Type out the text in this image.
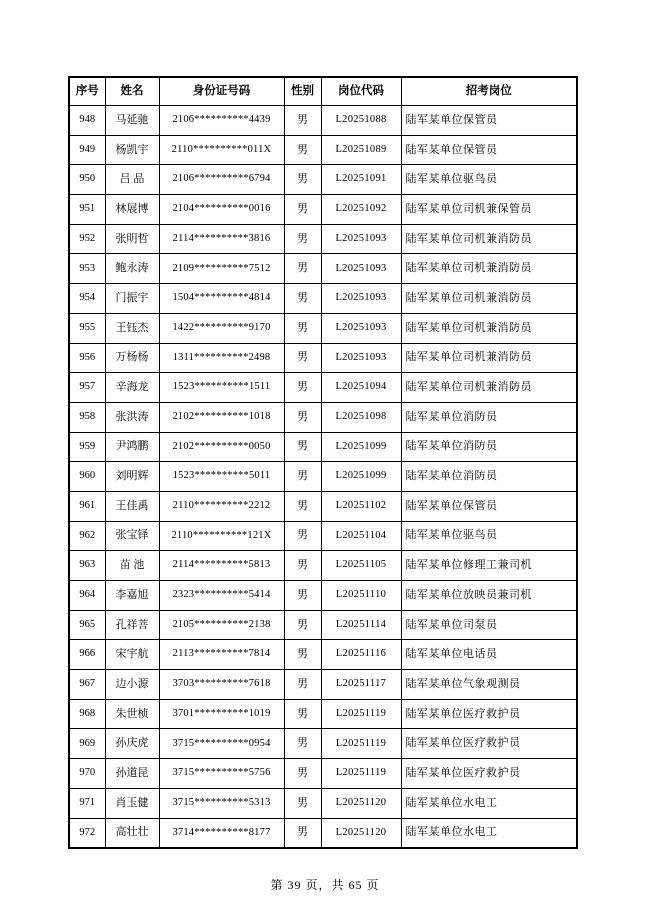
序号	姓名	身份证号码	性别	岗位代码	招考岗位
948	马延驰	2106**********4439	男	L20251088	陆军某单位保管员
949	杨凯宇	2110**********011X	男	L20251089	陆军某单位保管员
950	吕 品	2106**********6794	男	L20251091	陆军某单位驱鸟员
951	林展博	2104**********0016	男	L20251092	陆军某单位司机兼保管员
952	张明哲	2114**********3816	男	L20251093	陆军某单位司机兼消防员
953	鲍永涛	2109**********7512	男	L20251093	陆军某单位司机兼消防员
954	门振宇	1504**********4814	男	L20251093	陆军某单位司机兼消防员
955	王钰杰	1422**********9170	男	L20251093	陆军某单位司机兼消防员
956	万杨杨	1311**********2498	男	L20251093	陆军某单位司机兼消防员
957	辛海龙	1523**********1511	男	L20251094	陆军某单位司机兼消防员
958	张洪涛	2102**********1018	男	L20251098	陆军某单位消防员
959	尹鸿鹏	2102**********0050	男	L20251099	陆军某单位消防员
960	刘明辉	1523**********5011	男	L20251099	陆军某单位消防员
961	王佳禹	2110**********2212	男	L20251102	陆军某单位保管员
962	张宝铎	2110**********121X	男	L20251104	陆军某单位驱鸟员
963	苗 池	2114**********5813	男	L20251105	陆军某单位修理工兼司机
964	李嘉旭	2323**********5414	男	L20251110	陆军某单位放映员兼司机
965	孔祥菩	2105**********2138	男	L20251114	陆军某单位司泵员
966	宋宇航	2113**********7814	男	L20251116	陆军某单位电话员
967	边小源	3703**********7618	男	L20251117	陆军某单位气象观测员
968	朱世桢	3701**********1019	男	L20251119	陆军某单位医疗救护员
969	孙庆虎	3715**********0954	男	L20251119	陆军某单位医疗救护员
970	孙道昆	3715**********5756	男	L20251119	陆军某单位医疗救护员
971	肖玉健	3715**********5313	男	L20251120	陆军某单位水电工
972	高壮壮	3714**********8177	男	L20251120	陆军某单位水电工
第 39 页，共 65 页
